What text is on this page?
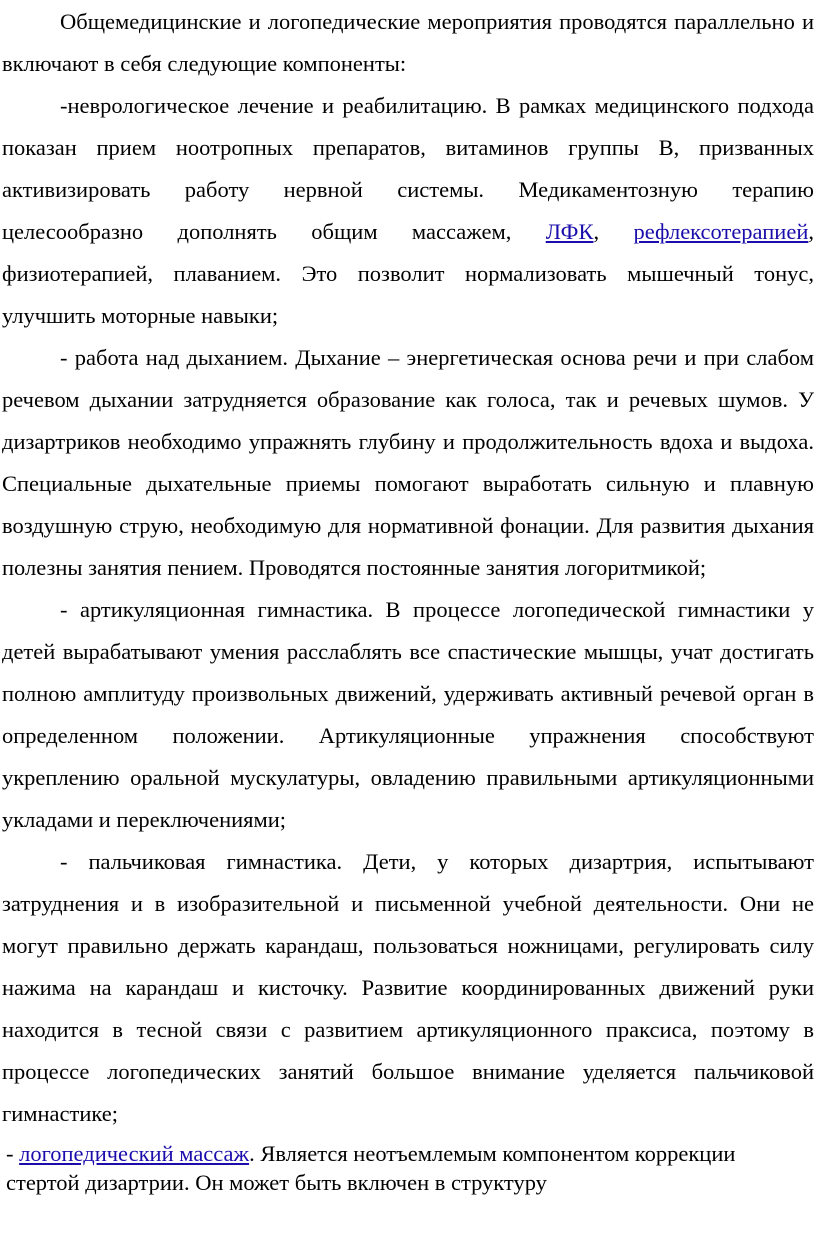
Общемедицинские и логопедические мероприятия проводятся параллельно и включают в себя следующие компоненты:

-неврологическое лечение и реабилитацию. В рамках медицинского подхода показан прием ноотропных препаратов, витаминов группы В, призванных активизировать работу нервной системы. Медикаментозную терапию целесообразно дополнять общим массажем, ЛФК, рефлексотерапией, физиотерапией, плаванием. Это позволит нормализовать мышечный тонус, улучшить моторные навыки;

- работа над дыханием. Дыхание – энергетическая основа речи и при слабом речевом дыхании затрудняется образование как голоса, так и речевых шумов. У дизартриков необходимо упражнять глубину и продолжительность вдоха и выдоха. Специальные дыхательные приемы помогают выработать сильную и плавную воздушную струю, необходимую для нормативной фонации. Для развития дыхания полезны занятия пением. Проводятся постоянные занятия логоритмикой;

- артикуляционная гимнастика. В процессе логопедической гимнастики у детей вырабатывают умения расслаблять все спастические мышцы, учат достигать полною амплитуду произвольных движений, удерживать активный речевой орган в определенном положении. Артикуляционные упражнения способствуют укреплению оральной мускулатуры, овладению правильными артикуляционными укладами и переключениями;

- пальчиковая гимнастика. Дети, у которых дизартрия, испытывают затруднения и в изобразительной и письменной учебной деятельности. Они не могут правильно держать карандаш, пользоваться ножницами, регулировать силу нажима на карандаш и кисточку. Развитие координированных движений руки находится в тесной связи с развитием артикуляционного праксиса, поэтому в процессе логопедических занятий большое внимание уделяется пальчиковой гимнастике;

- логопедический массаж. Является неотъемлемым компонентом коррекции стертой дизартрии. Он может быть включен в структуру
